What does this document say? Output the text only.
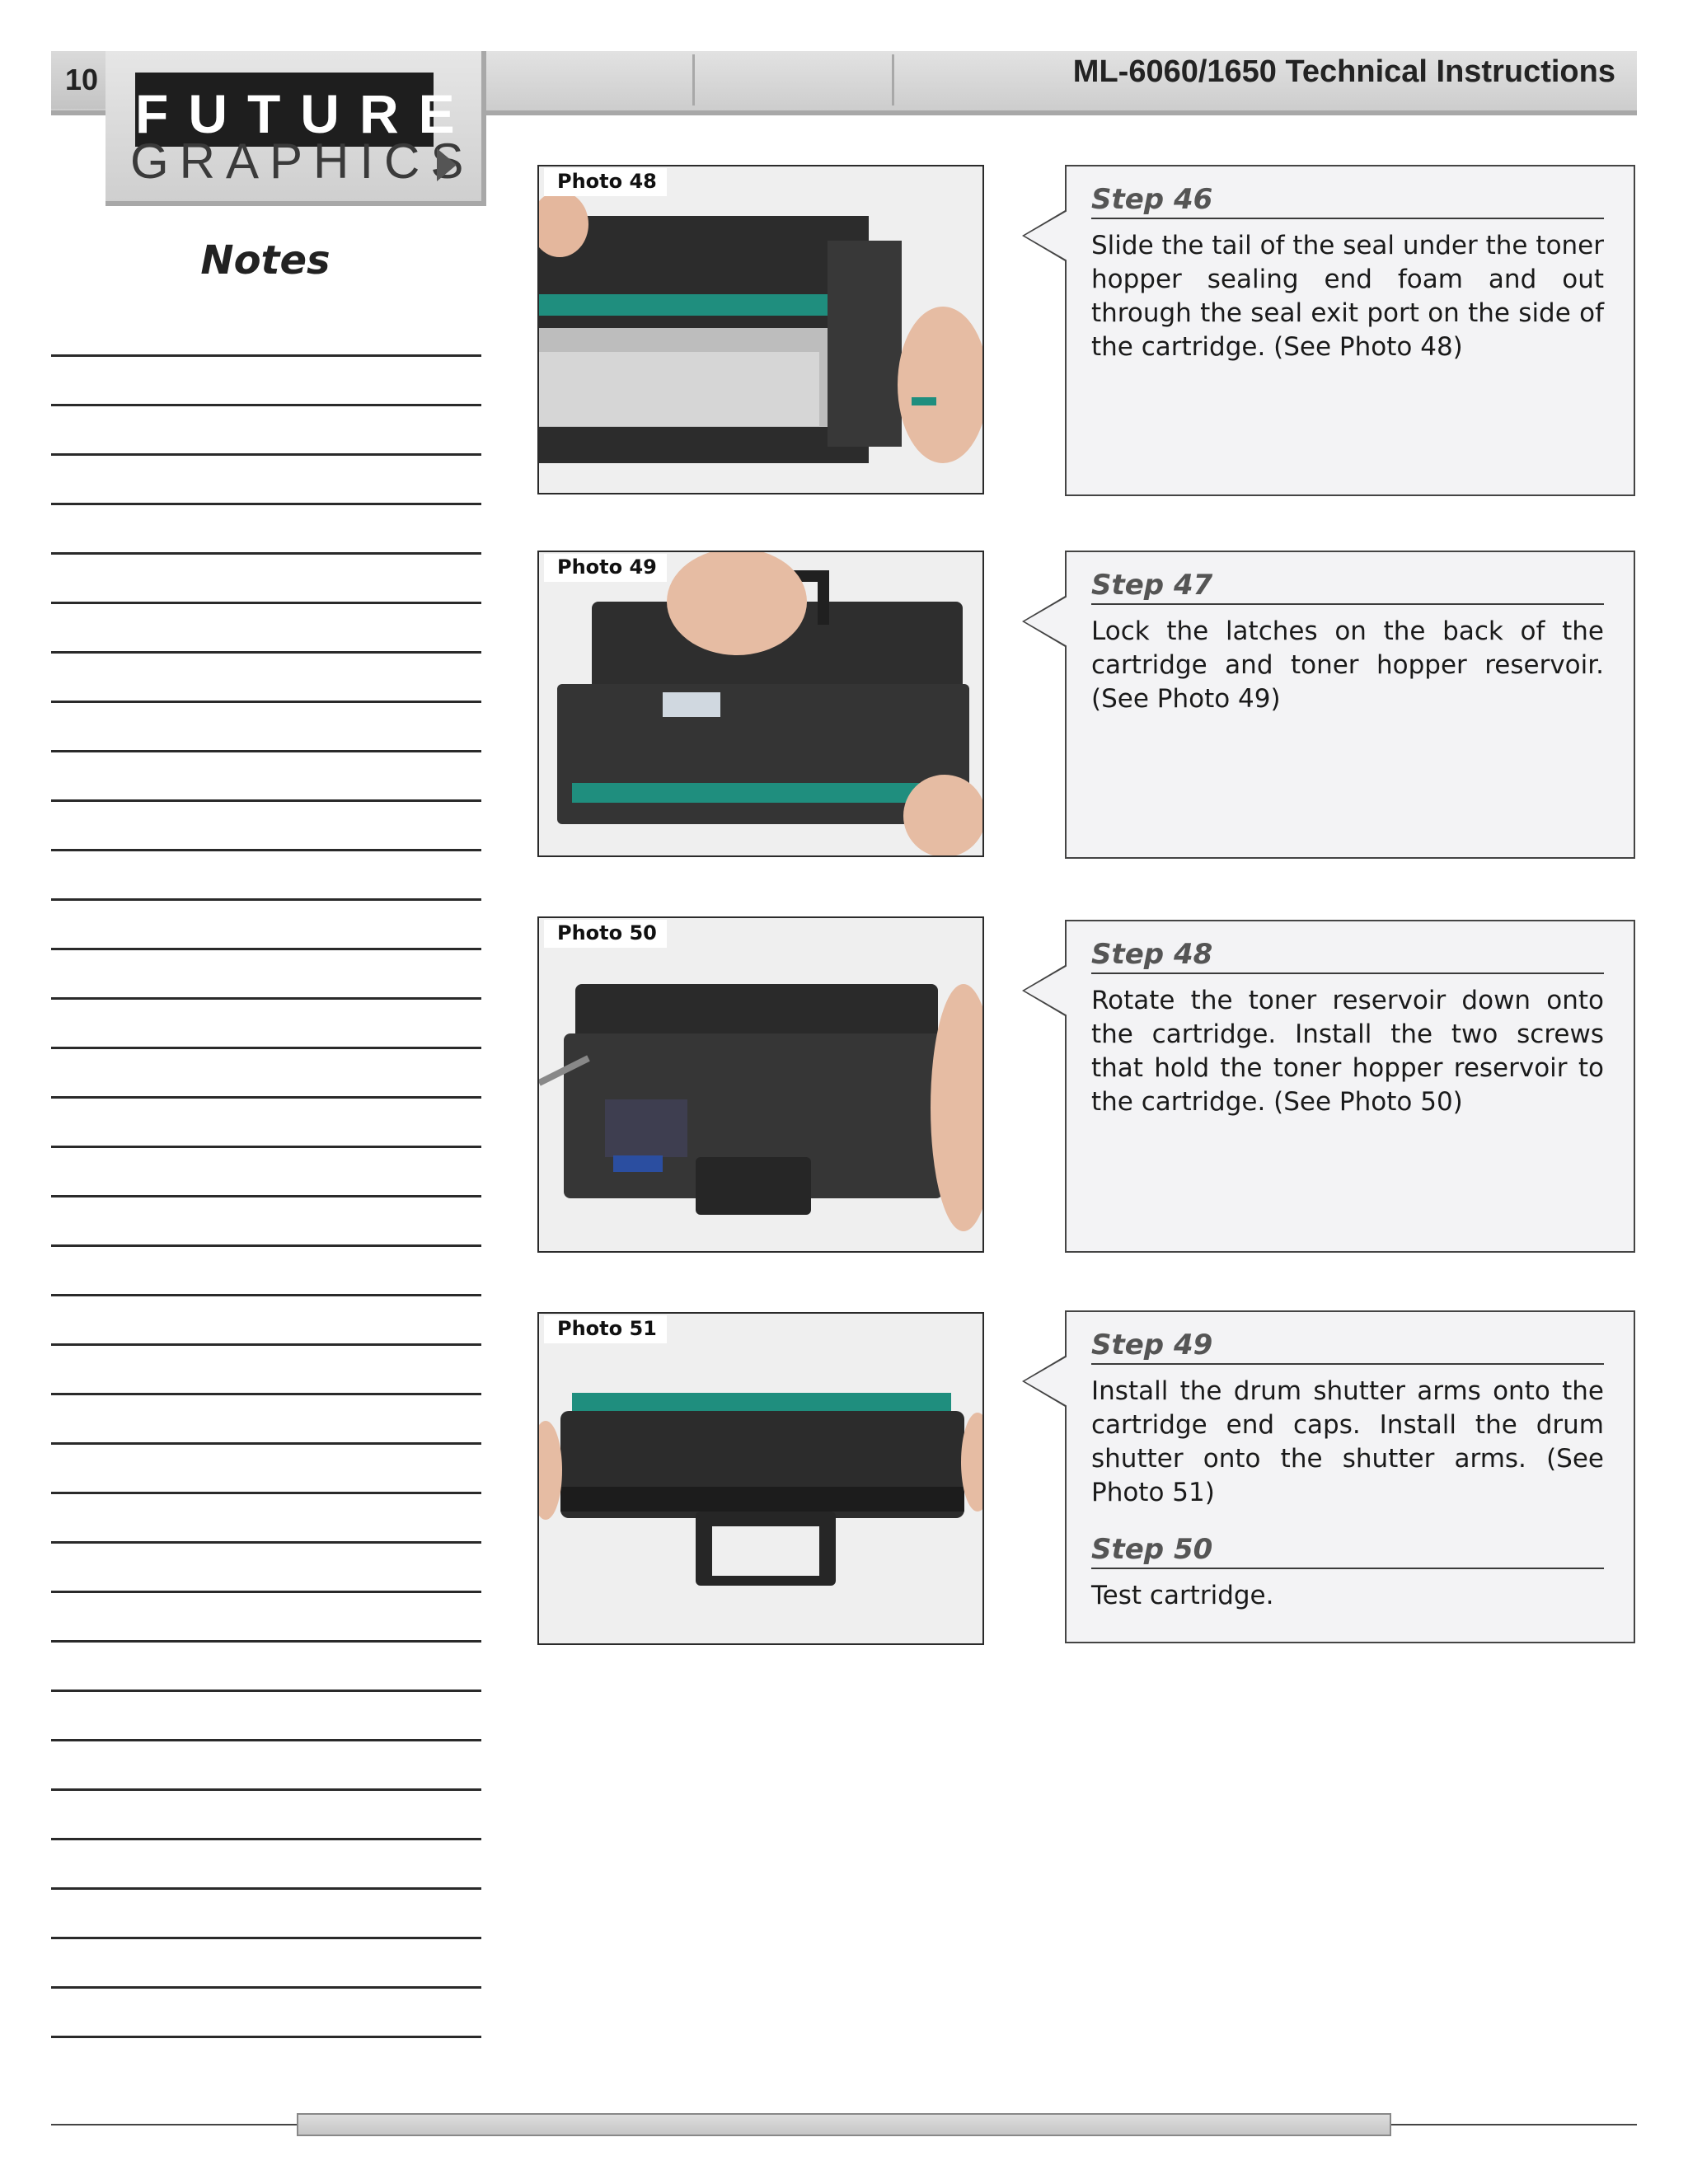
10	ML-6060/1650 Technical Instructions
FUTURE
GRAPHICS
Notes
Photo 48
Photo 49
Photo 50
Photo 51

Step 46

Slide the tail of the seal under the toner hopper sealing end foam and out through the seal exit port on the side of the cartridge. (See Photo 48)

Step 47

Lock the latches on the back of the cartridge and toner hopper reservoir. (See Photo 49)

Step 48

Rotate the toner reservoir down onto the cartridge. Install the two screws that hold the toner hopper reservoir to the cartridge. (See Photo 50)

Step 49

Install the drum shutter arms onto the cartridge end caps. Install the drum shutter onto the shutter arms. (See Photo 51)

Step 50

Test cartridge.
